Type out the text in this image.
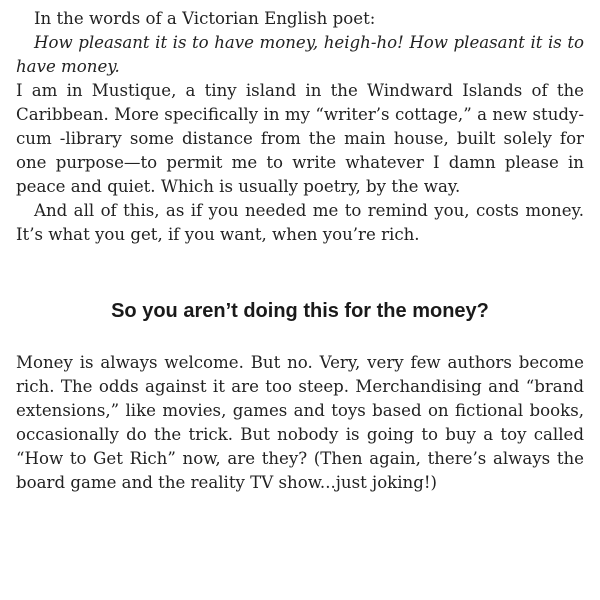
In the words of a Victorian English poet:

How pleasant it is to have money, heigh-ho! How pleasant it is to have money.

I am in Mustique, a tiny island in the Windward Islands of the Caribbean. More specifically in my “writer’s cottage,” a new study-cum -library some distance from the main house, built solely for one purpose—to permit me to write whatever I damn please in peace and quiet. Which is usually poetry, by the way.

And all of this, as if you needed me to remind you, costs money. It’s what you get, if you want, when you’re rich.

So you aren’t doing this for the money?

Money is always welcome. But no. Very, very few authors become rich. The odds against it are too steep. Merchandising and “brand extensions,” like movies, games and toys based on fictional books, occasionally do the trick. But nobody is going to buy a toy called “How to Get Rich” now, are they? (Then again, there’s always the board game and the reality TV show...just joking!)
